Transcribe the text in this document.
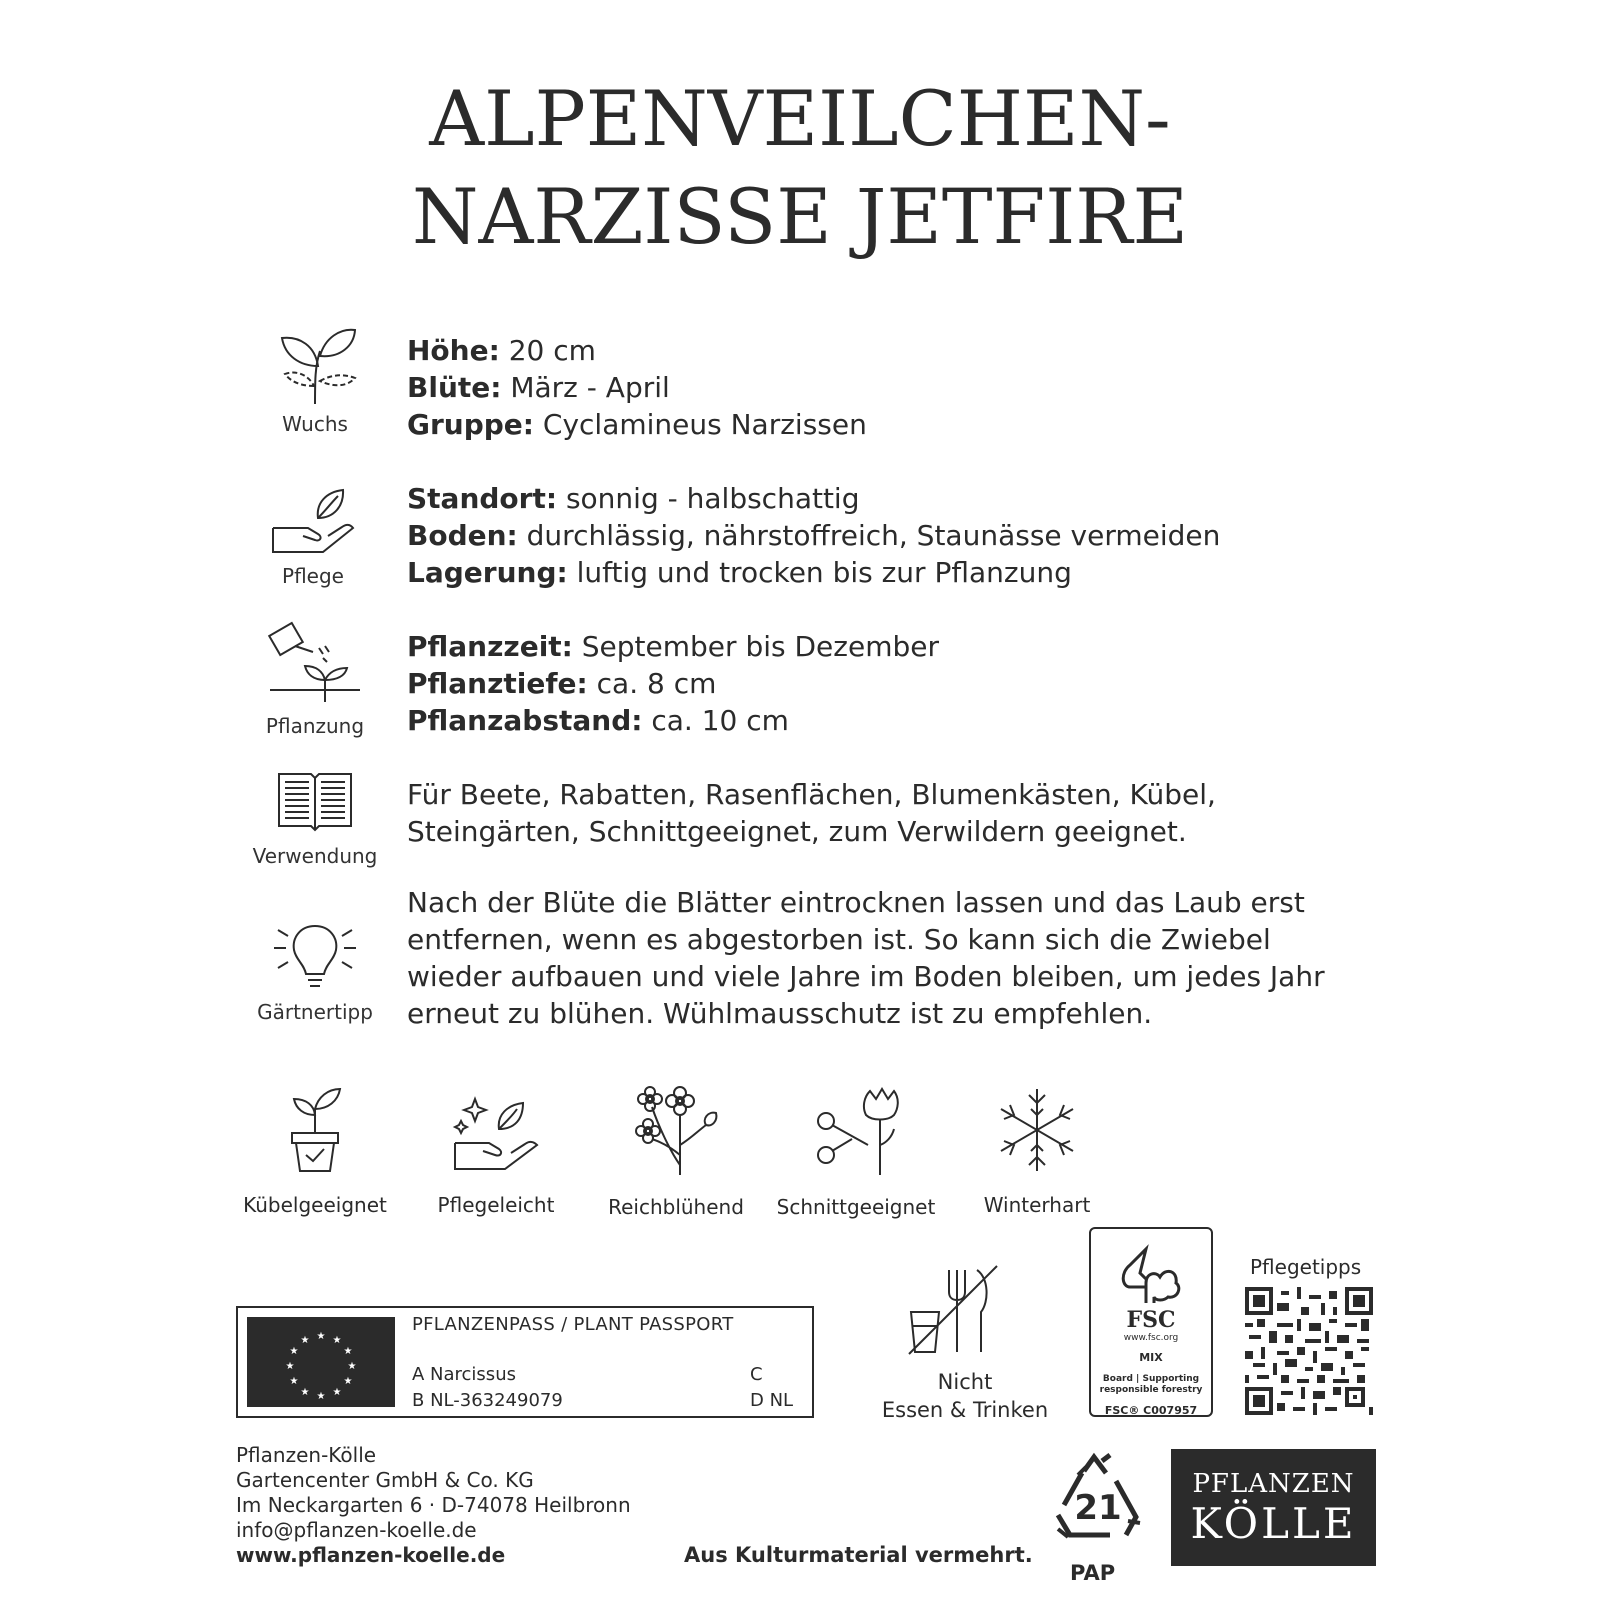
ALPENVEILCHEN-
NARZISSE JETFIRE
Wuchs
Höhe: 20 cm
Blüte: März - April
Gruppe: Cyclamineus Narzissen
Pflege
Standort: sonnig - halbschattig
Boden: durchlässig, nährstoffreich, Staunässe vermeiden
Lagerung: luftig und trocken bis zur Pflanzung
Pflanzung
Pflanzzeit: September bis Dezember
Pflanztiefe: ca. 8 cm
Pflanzabstand: ca. 10 cm
Verwendung
Für Beete, Rabatten, Rasenflächen, Blumenkästen, Kübel,
Steingärten, Schnittgeeignet, zum Verwildern geeignet.
Gärtnertipp
Nach der Blüte die Blätter eintrocknen lassen und das Laub erst
entfernen, wenn es abgestorben ist. So kann sich die Zwiebel
wieder aufbauen und viele Jahre im Boden bleiben, um jedes Jahr
erneut zu blühen. Wühlmausschutz ist zu empfehlen.
Kübelgeeignet	Pflegeleicht	Reichblühend	Schnittgeeignet	Winterhart
★ ★
★
★
★
★
★
★
★
★
★
★
PFLANZENPASS / PLANT PASSPORT
A Narcissus
B NL-363249079
C
D NL
Nicht
Essen & Trinken
FSC
www.fsc.org
MIX
Board | Supporting
responsible forestry
FSC® C007957
Pflegetipps
Pflanzen-Kölle
Gartencenter GmbH & Co. KG
Im Neckargarten 6 · D-74078 Heilbronn
info@pflanzen-koelle.de
www.pflanzen-koelle.de	Aus Kulturmaterial vermehrt.
21
PAP
PFLANZEN
KÖLLE
